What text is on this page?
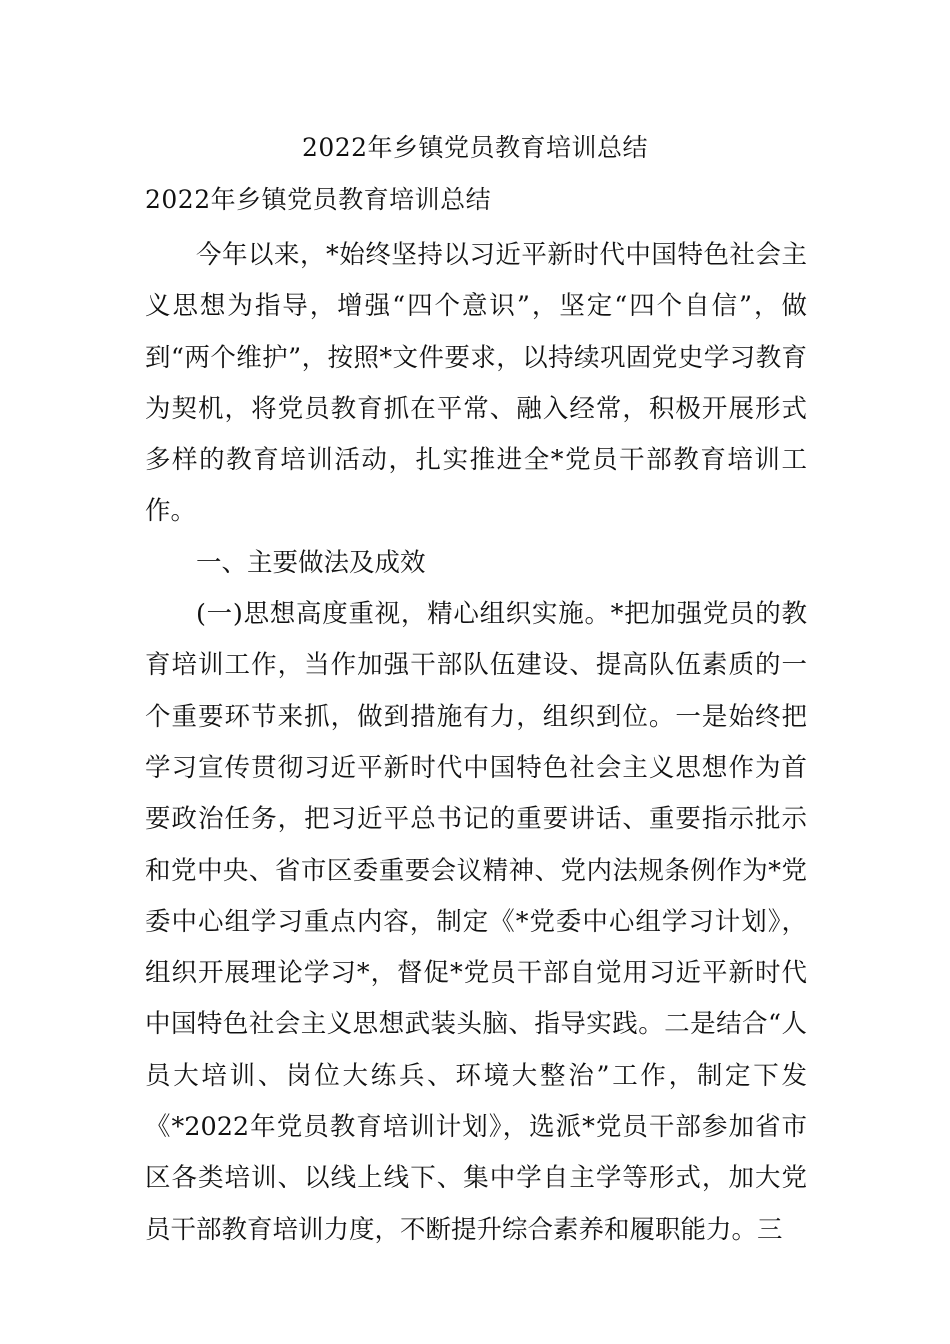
2022年乡镇党员教育培训总结
2022年乡镇党员教育培训总结

今年以来，*始终坚持以习近平新时代中国特色社会主义思想为指导，增强“四个意识”，坚定“四个自信”，做到“两个维护”，按照*文件要求，以持续巩固党史学习教育为契机，将党员教育抓在平常、融入经常，积极开展形式多样的教育培训活动，扎实推进全*党员干部教育培训工作。

一、主要做法及成效

(一)思想高度重视，精心组织实施。*把加强党员的教育培训工作，当作加强干部队伍建设、提高队伍素质的一个重要环节来抓，做到措施有力，组织到位。一是始终把学习宣传贯彻习近平新时代中国特色社会主义思想作为首要政治任务，把习近平总书记的重要讲话、重要指示批示和党中央、省市区委重要会议精神、党内法规条例作为*党委中心组学习重点内容，制定《*党委中心组学习计划》，组织开展理论学习*，督促*党员干部自觉用习近平新时代中国特色社会主义思想武装头脑、指导实践。二是结合“人员大培训、岗位大练兵、环境大整治”工作，制定下发《*2022年党员教育培训计划》，选派*党员干部参加省市区各类培训、以线上线下、集中学自主学等形式，加大党员干部教育培训力度，不断提升综合素养和履职能力。三
